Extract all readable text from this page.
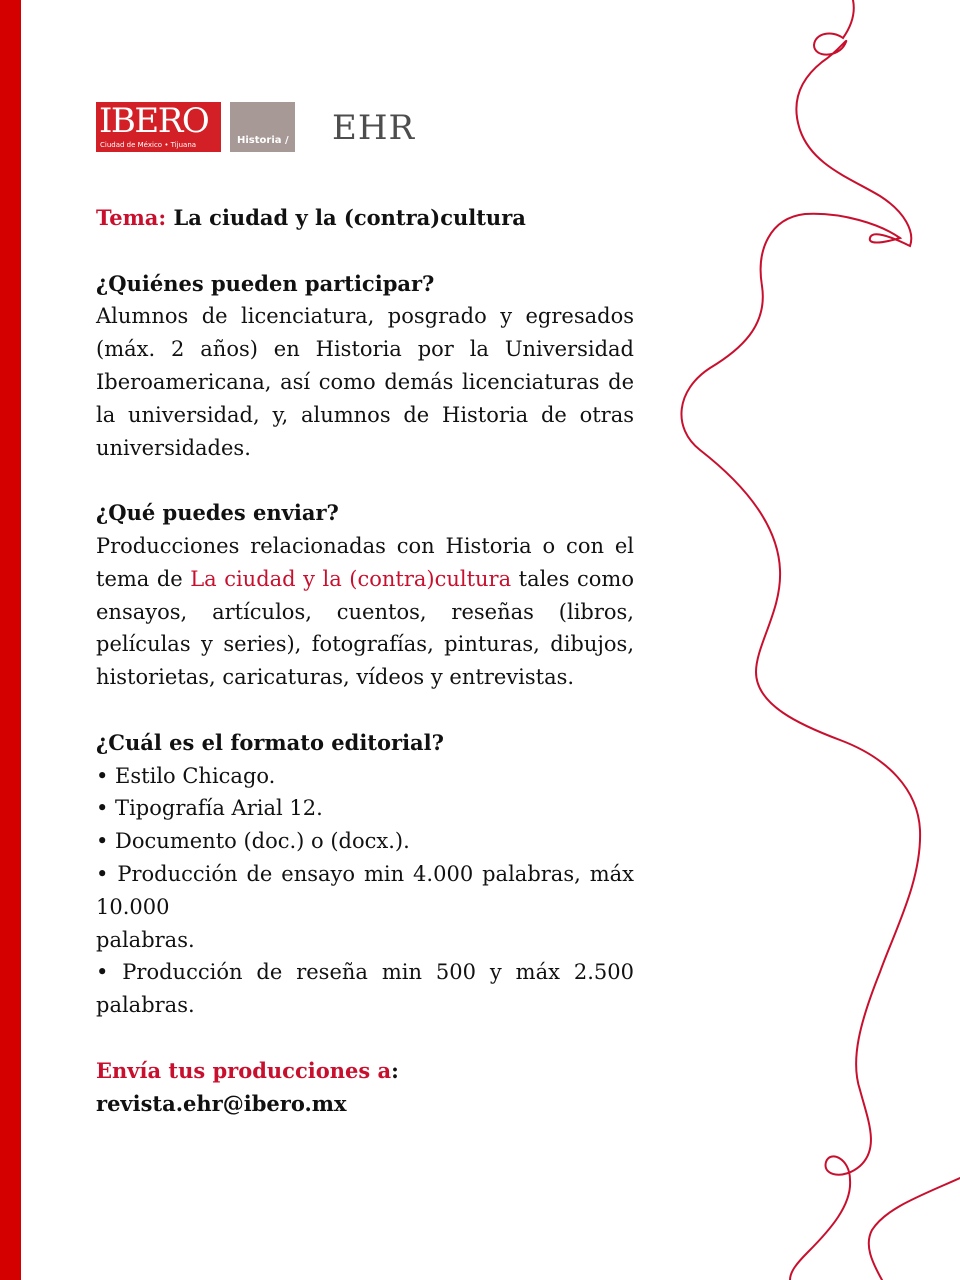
IBERO
Ciudad de México • Tijuana	Historia / EHR

Tema: La ciudad y la (contra)cultura

¿Quiénes pueden participar?

Alumnos de licenciatura, posgrado y egresados (máx. 2 años) en Historia por la Universidad Iberoamericana, así como demás licenciaturas de la universidad, y, alumnos de Historia de otras universidades.

¿Qué puedes enviar?

Producciones relacionadas con Historia o con el tema de La ciudad y la (contra)cultura tales como ensayos, artículos, cuentos, reseñas (libros, películas y series), fotografías, pinturas, dibujos, historietas, caricaturas, vídeos y entrevistas.

¿Cuál es el formato editorial?

• Estilo Chicago.

• Tipografía Arial 12.

• Documento (doc.) o (docx.).

• Producción de ensayo min 4.000 palabras, máx 10.000

palabras.

• Producción de reseña min 500 y máx 2.500 palabras.

Envía tus producciones a: revista.ehr@ibero.mx
